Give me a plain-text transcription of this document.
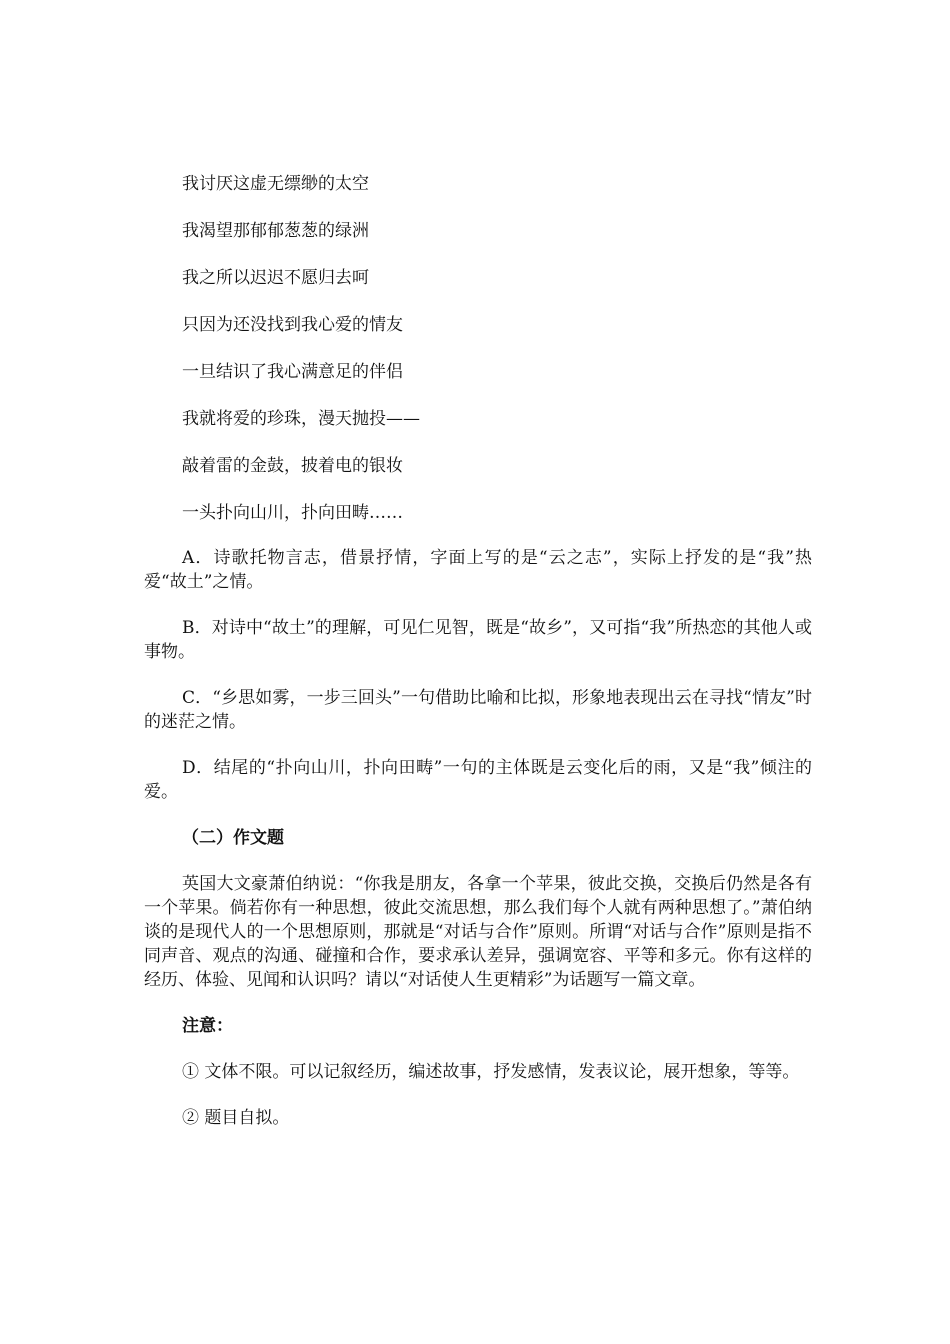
我讨厌这虚无缥缈的太空

我渴望那郁郁葱葱的绿洲

我之所以迟迟不愿归去呵

只因为还没找到我心爱的情友

一旦结识了我心满意足的伴侣

我就将爱的珍珠，漫天抛投——

敲着雷的金鼓，披着电的银妆

一头扑向山川，扑向田畴……

A．诗歌托物言志，借景抒情，字面上写的是“云之志”，实际上抒发的是“我”热爱“故土”之情。

B．对诗中“故土”的理解，可见仁见智，既是“故乡”，又可指“我”所热恋的其他人或事物。

C．“乡思如雾，一步三回头”一句借助比喻和比拟，形象地表现出云在寻找“情友”时的迷茫之情。

D．结尾的“扑向山川，扑向田畴”一句的主体既是云变化后的雨，又是“我”倾注的爱。

（二）作文题

英国大文豪萧伯纳说：“你我是朋友，各拿一个苹果，彼此交换，交换后仍然是各有一个苹果。倘若你有一种思想，彼此交流思想，那么我们每个人就有两种思想了。”萧伯纳谈的是现代人的一个思想原则，那就是“对话与合作”原则。所谓“对话与合作”原则是指不同声音、观点的沟通、碰撞和合作，要求承认差异，强调宽容、平等和多元。你有这样的经历、体验、见闻和认识吗？请以“对话使人生更精彩”为话题写一篇文章。

注意：

① 文体不限。可以记叙经历，编述故事，抒发感情，发表议论，展开想象，等等。

② 题目自拟。
